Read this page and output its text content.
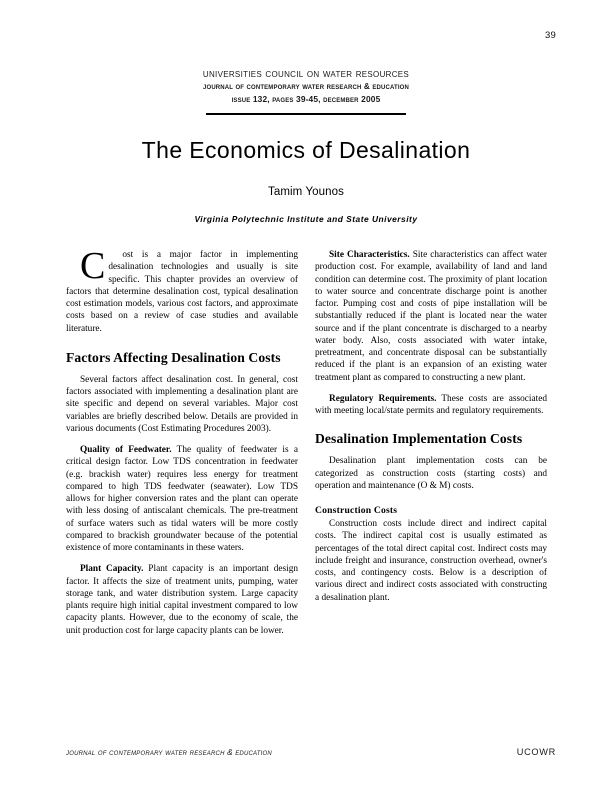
39
universities council on water resources
journal of contemporary water research & education
issue 132, pages 39-45, december 2005
The Economics of Desalination
Tamim Younos
Virginia Polytechnic Institute and State University

C	ost is a major factor in implementing desalination technologies and usually is site specific. This chapter provides an overview of factors that determine desalination cost, typical desalination cost estimation models, various cost factors, and approximate costs based on a review of case studies and available literature.

Factors Affecting Desalination Costs

Several factors affect desalination cost. In general, cost factors associated with implementing a desalination plant are site specific and depend on several variables. Major cost variables are briefly described below. Details are provided in various documents (Cost Estimating Procedures 2003).

Quality of Feedwater. The quality of feedwater is a critical design factor. Low TDS concentration in feedwater (e.g. brackish water) requires less energy for treatment compared to high TDS feedwater (seawater). Low TDS allows for higher conversion rates and the plant can operate with less dosing of antiscalant chemicals. The pre-treatment of surface waters such as tidal waters will be more costly compared to brackish groundwater because of the potential existence of more contaminants in these waters.

Plant Capacity. Plant capacity is an important design factor. It affects the size of treatment units, pumping, water storage tank, and water distribution system. Large capacity plants require high initial capital investment compared to low capacity plants. However, due to the economy of scale, the unit production cost for large capacity plants can be lower.

Site Characteristics. Site characteristics can affect water production cost. For example, availability of land and land condition can determine cost. The proximity of plant location to water source and concentrate discharge point is another factor. Pumping cost and costs of pipe installation will be substantially reduced if the plant is located near the water source and if the plant concentrate is discharged to a nearby water body. Also, costs associated with water intake, pretreatment, and concentrate disposal can be substantially reduced if the plant is an expansion of an existing water treatment plant as compared to constructing a new plant.

Regulatory Requirements. These costs are associated with meeting local/state permits and regulatory requirements.

Desalination Implementation Costs

Desalination plant implementation costs can be categorized as construction costs (starting costs) and operation and maintenance (O & M) costs.

Construction Costs

Construction costs include direct and indirect capital costs. The indirect capital cost is usually estimated as percentages of the total direct capital cost. Indirect costs may include freight and insurance, construction overhead, owner's costs, and contingency costs. Below is a description of various direct and indirect costs associated with constructing a desalination plant.

journal of contemporary water research & education	UCOWR
